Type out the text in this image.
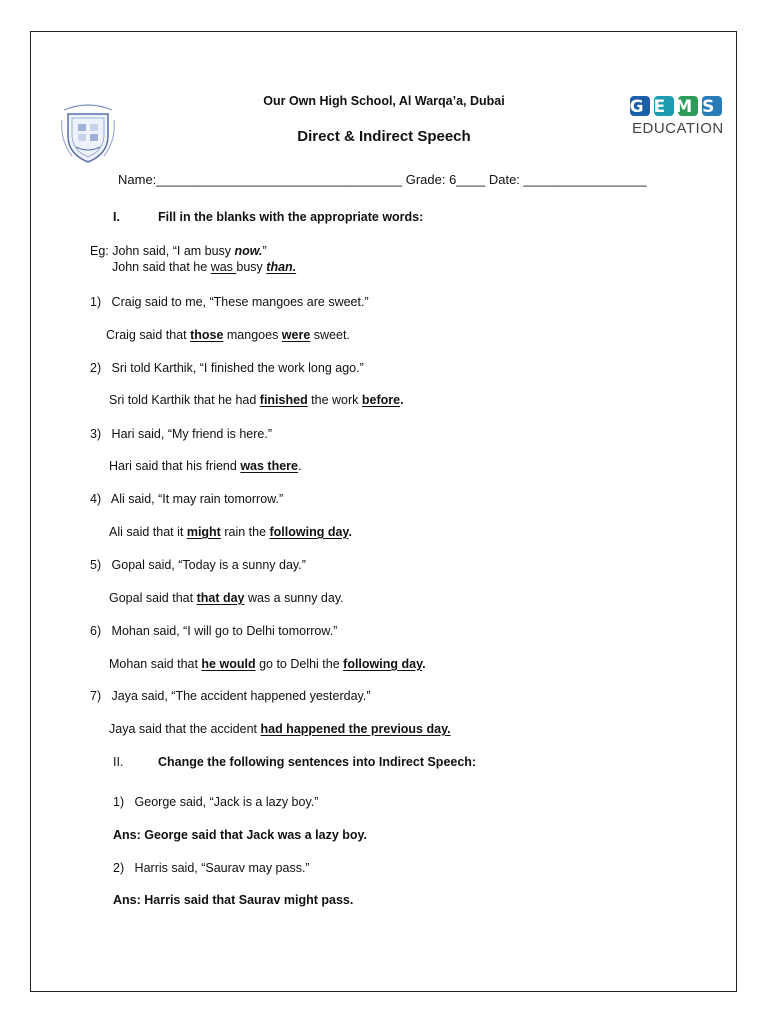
GEMS
EDUCATION
Our Own High School, Al Warqa’a, Dubai
Direct & Indirect Speech
Name:__________________________________ Grade: 6____ Date: _________________
I.	Fill in the blanks with the appropriate words:
Eg: John said, “I am busy now.”
John said that he was busy than.
1) Craig said to me, “These mangoes are sweet.”
Craig said that those mangoes were sweet.
2) Sri told Karthik, “I finished the work long ago.”
Sri told Karthik that he had finished the work before.
3) Hari said, “My friend is here.”
Hari said that his friend was there.
4) Ali said, “It may rain tomorrow.”
Ali said that it might rain the following day.
5) Gopal said, “Today is a sunny day.”
Gopal said that that day was a sunny day.
6) Mohan said, “I will go to Delhi tomorrow.”
Mohan said that he would go to Delhi the following day.
7) Jaya said, “The accident happened yesterday.”
Jaya said that the accident had happened the previous day.
II.	Change the following sentences into Indirect Speech:
1) George said, “Jack is a lazy boy.”
Ans: George said that Jack was a lazy boy.
2) Harris said, “Saurav may pass.”
Ans: Harris said that Saurav might pass.
